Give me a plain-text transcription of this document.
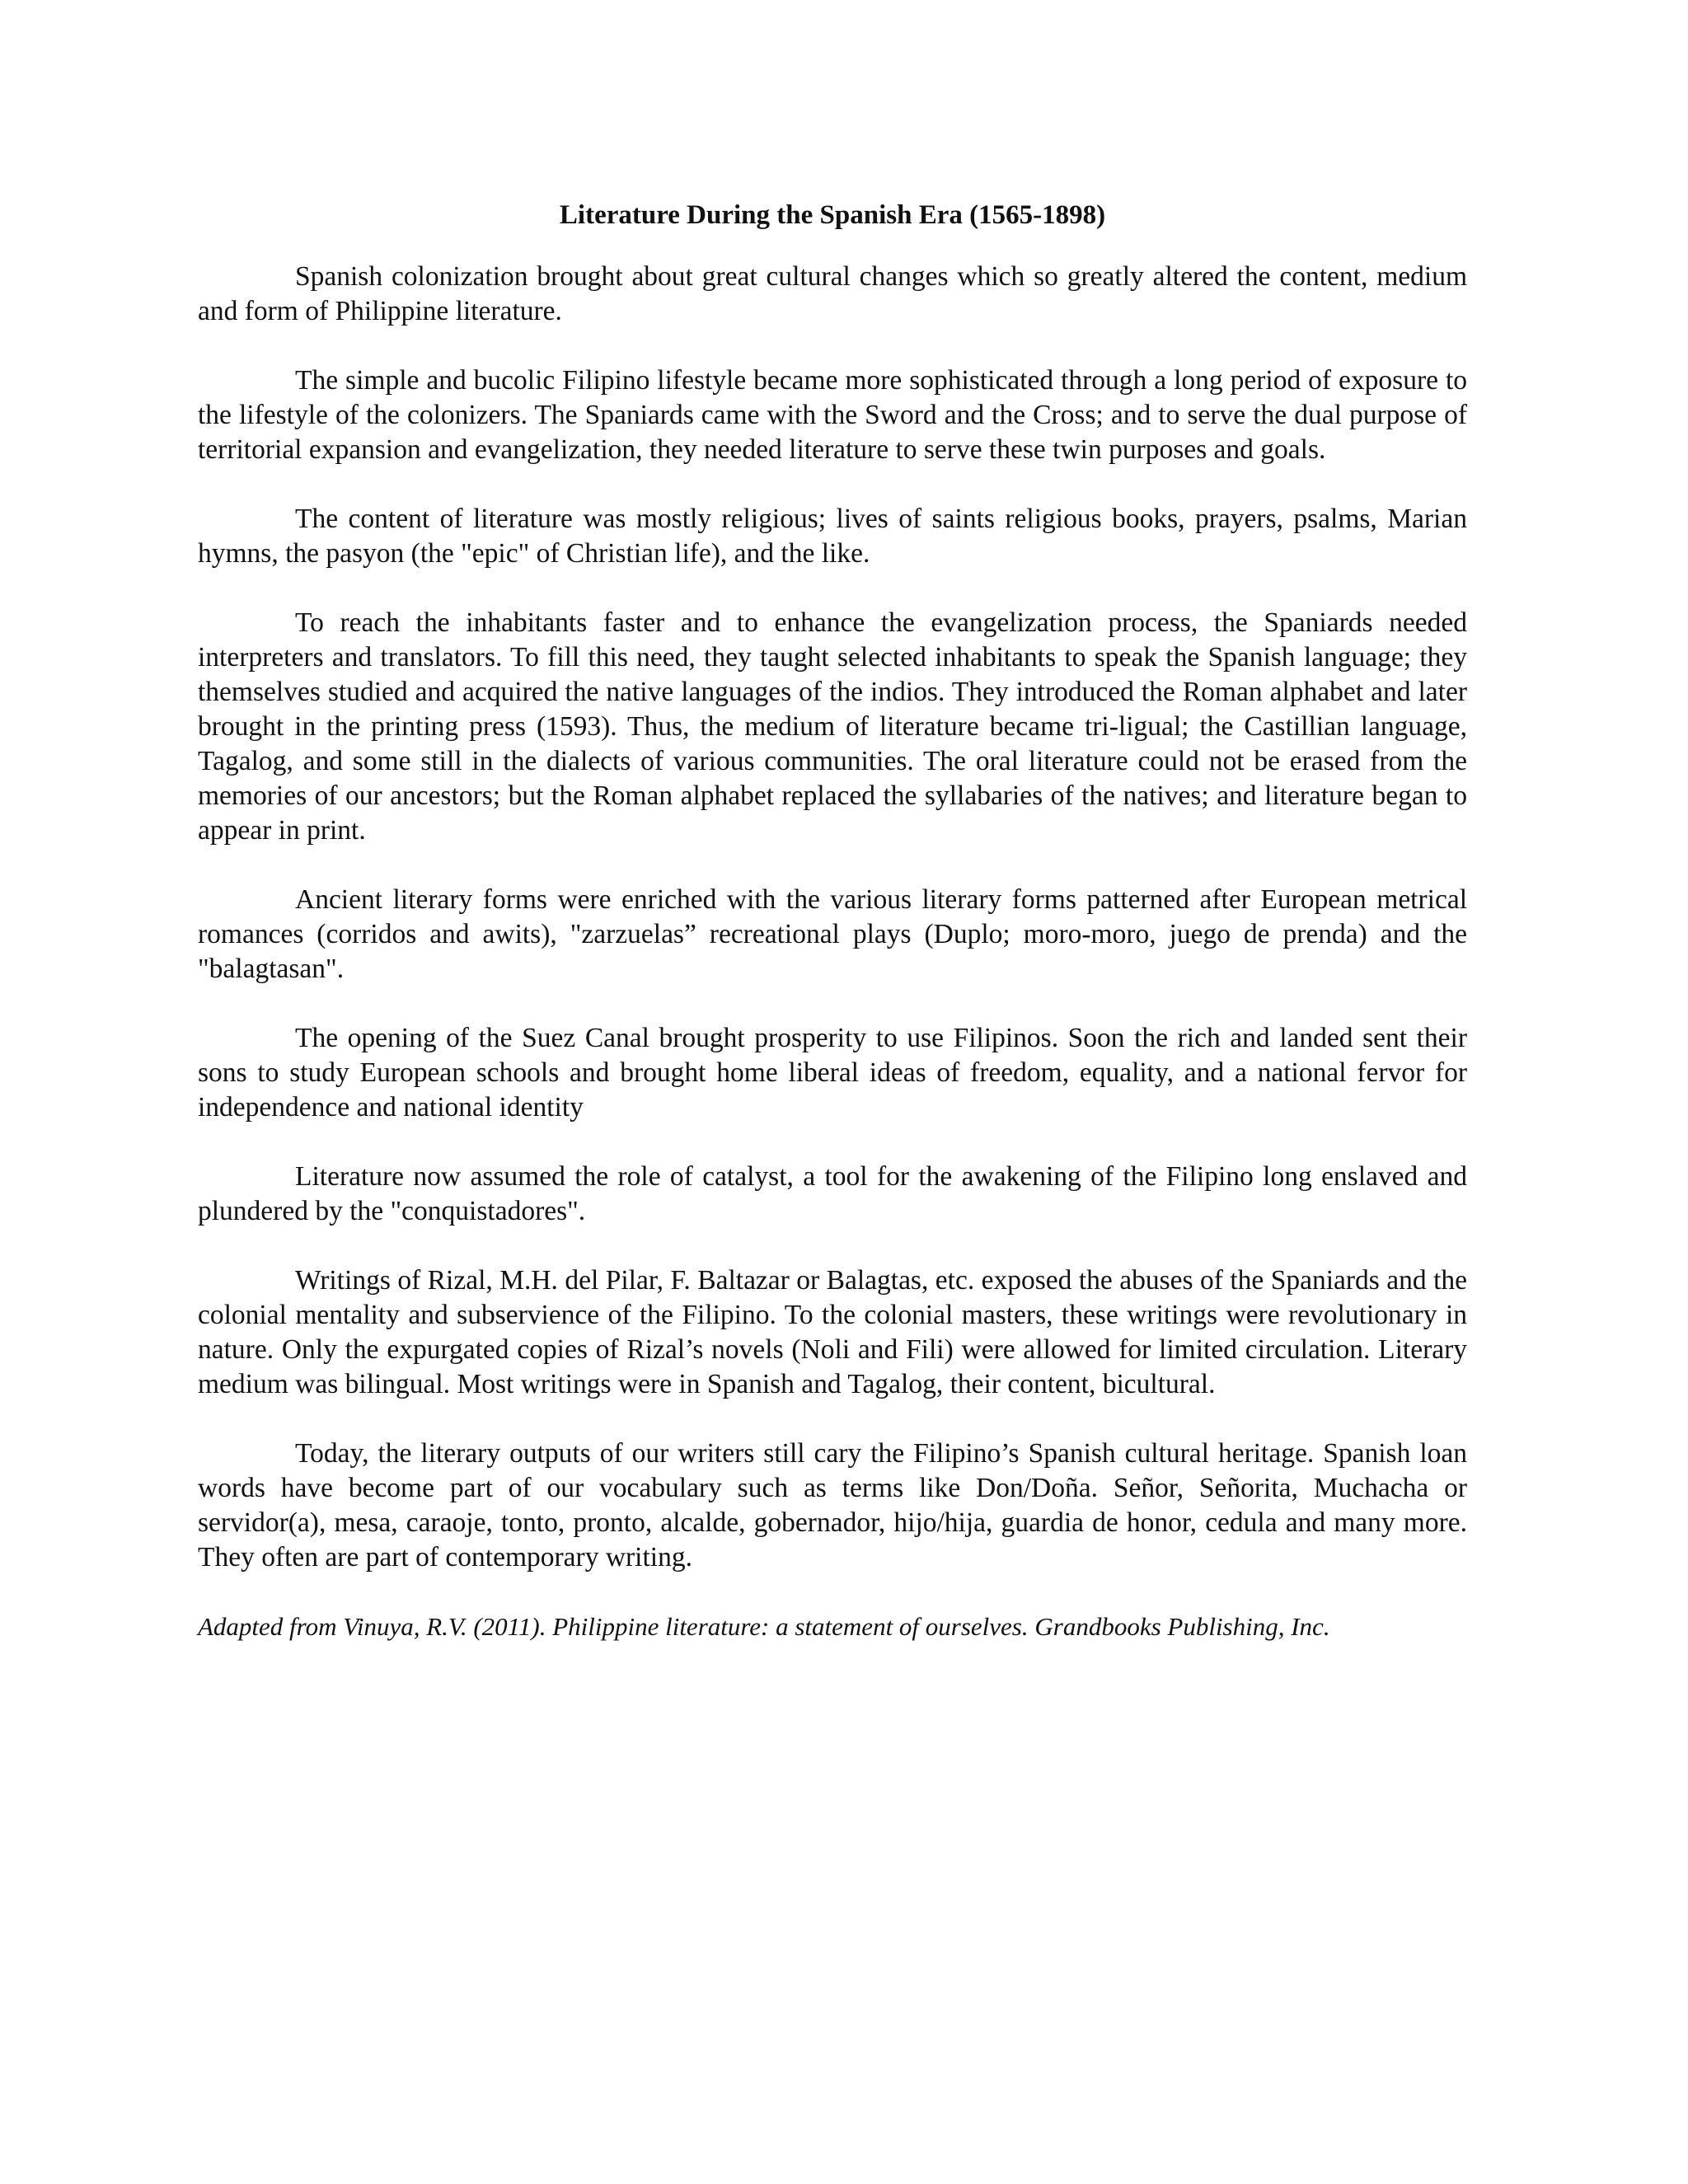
Literature During the Spanish Era (1565-1898)

Spanish colonization brought about great cultural changes which so greatly altered the content, medium and form of Philippine literature.

The simple and bucolic Filipino lifestyle became more sophisticated through a long period of exposure to the lifestyle of the colonizers. The Spaniards came with the Sword and the Cross; and to serve the dual purpose of territorial expansion and evangelization, they needed literature to serve these twin purposes and goals.

The content of literature was mostly religious; lives of saints religious books, prayers, psalms, Marian hymns, the pasyon (the "epic" of Christian life), and the like.

To reach the inhabitants faster and to enhance the evangelization process, the Spaniards needed interpreters and translators. To fill this need, they taught selected inhabitants to speak the Spanish language; they themselves studied and acquired the native languages of the indios. They introduced the Roman alphabet and later brought in the printing press (1593). Thus, the medium of literature became tri-ligual; the Castillian language, Tagalog, and some still in the dialects of various communities. The oral literature could not be erased from the memories of our ancestors; but the Roman alphabet replaced the syllabaries of the natives; and literature began to appear in print.

Ancient literary forms were enriched with the various literary forms patterned after European metrical romances (corridos and awits), "zarzuelas” recreational plays (Duplo; moro-moro, juego de prenda) and the "balagtasan".

The opening of the Suez Canal brought prosperity to use Filipinos. Soon the rich and landed sent their sons to study European schools and brought home liberal ideas of freedom, equality, and a national fervor for independence and national identity

Literature now assumed the role of catalyst, a tool for the awakening of the Filipino long enslaved and plundered by the "conquistadores".

Writings of Rizal, M.H. del Pilar, F. Baltazar or Balagtas, etc. exposed the abuses of the Spaniards and the colonial mentality and subservience of the Filipino. To the colonial masters, these writings were revolutionary in nature. Only the expurgated copies of Rizal’s novels (Noli and Fili) were allowed for limited circulation. Literary medium was bilingual. Most writings were in Spanish and Tagalog, their content, bicultural.

Today, the literary outputs of our writers still cary the Filipino’s Spanish cultural heritage. Spanish loan words have become part of our vocabulary such as terms like Don/Doña. Señor, Señorita, Muchacha or servidor(a), mesa, caraoje, tonto, pronto, alcalde, gobernador, hijo/hija, guardia de honor, cedula and many more. They often are part of contemporary writing.

Adapted from Vinuya, R.V. (2011). Philippine literature: a statement of ourselves. Grandbooks Publishing, Inc.
